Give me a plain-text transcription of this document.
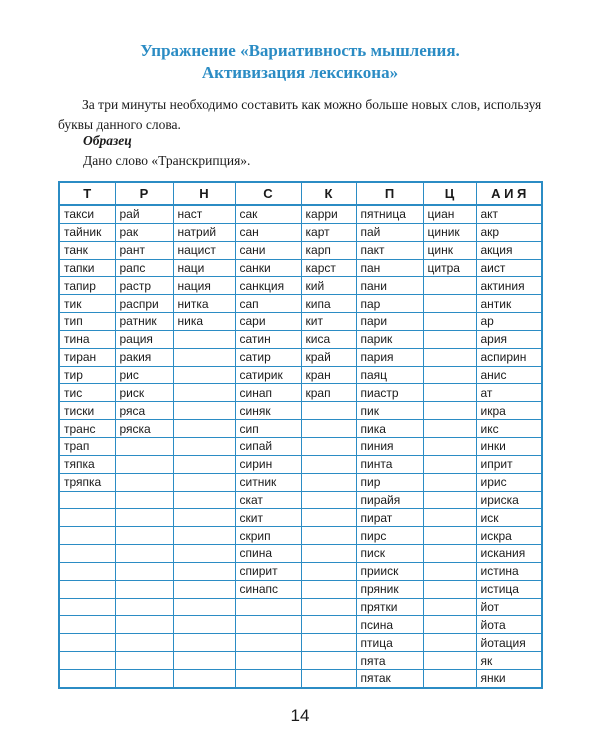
Упражнение «Вариативность мышления.
Активизация лексикона»
За три минуты необходимо составить как можно больше новых слов, используя буквы данного слова.
Образец
Дано слово «Транскрипция».
Т	Р	Н	С	К	П	Ц	А И Я
такси	рай	наст	сак	карри	пятница	циан	акт
тайник	рак	натрий	сан	карт	пай	циник	акр
танк	рант	нацист	сани	карп	пакт	цинк	акция
тапки	рапс	наци	санки	карст	пан	цитра	аист
тапир	растр	нация	санкция	кий	пани		актиния
тик	распри	нитка	сап	кипа	пар		антик
тип	ратник	ника	сари	кит	пари		ар
тина	рация		сатин	киса	парик		ария
тиран	ракия		сатир	край	пария		аспирин
тир	рис		сатирик	кран	паяц		анис
тис	риск		синап	крап	пиастр		ат
тиски	ряса		синяк		пик		икра
транс	ряска		сип		пика		икс
трап			сипай		пиния		инки
тяпка			сирин		пинта		иприт
тряпка			ситник		пир		ирис
			скат		пирайя		ириска
			скит		пират		иск
			скрип		пирс		искра
			спина		писк		искания
			спирит		прииск		истина
			синапс		пряник		истица
					прятки		йот
					псина		йота
					птица		йотация
					пята		як
					пятак		янки
14
